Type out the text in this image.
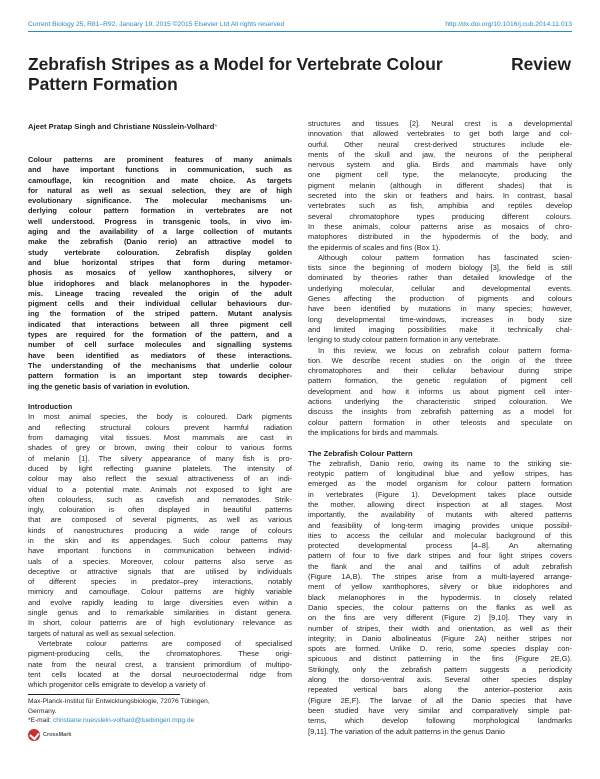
Current Biology 25, R81–R92, January 19, 2015 ©2015 Elsevier Ltd All rights reserved	http://dx.doi.org/10.1016/j.cub.2014.11.013
Zebrafish Stripes as a Model for Vertebrate Colour Pattern Formation
Review
Ajeet Pratap Singh and Christiane Nüsslein-Volhard*
Colour patterns are prominent features of many animals
and have important functions in communication, such as
camouflage, kin recognition and mate choice. As targets
for natural as well as sexual selection, they are of high
evolutionary significance. The molecular mechanisms un-
derlying colour pattern formation in vertebrates are not
well understood. Progress in transgenic tools, in vivo im-
aging and the availability of a large collection of mutants
make the zebrafish (Danio rerio) an attractive model to
study vertebrate colouration. Zebrafish display golden
and blue horizontal stripes that form during metamor-
phosis as mosaics of yellow xanthophores, silvery or
blue iridophores and black melanophores in the hypoder-
mis. Lineage tracing revealed the origin of the adult
pigment cells and their individual cellular behaviours dur-
ing the formation of the striped pattern. Mutant analysis
indicated that interactions between all three pigment cell
types are required for the formation of the pattern, and a
number of cell surface molecules and signalling systems
have been identified as mediators of these interactions.
The understanding of the mechanisms that underlie colour
pattern formation is an important step towards decipher-
ing the genetic basis of variation in evolution.
Introduction
In most animal species, the body is coloured. Dark pigments
and reflecting structural colours prevent harmful radiation
from damaging vital tissues. Most mammals are cast in
shades of grey or brown, owing their colour to various forms
of melanin [1]. The silvery appearance of many fish is pro-
duced by light reflecting guanine platelets. The intensity of
colour may also reflect the sexual attractiveness of an indi-
vidual to a potential mate. Animals not exposed to light are
often colourless, such as cavefish and nematodes. Strik-
ingly, colouration is often displayed in beautiful patterns
that are composed of several pigments, as well as various
kinds of nanostructures producing a wide range of colours
in the skin and its appendages. Such colour patterns may
have important functions in communication between individ-
uals of a species. Moreover, colour patterns also serve as
deceptive or attractive signals that are utilised by individuals
of different species in predator–prey interactions, notably
mimicry and camouflage. Colour patterns are highly variable
and evolve rapidly leading to large diversities even within a
single genus and to remarkable similarities in distant genera.
In short, colour patterns are of high evolutionary relevance as
targets of natural as well as sexual selection.
Vertebrate colour patterns are composed of specialised
pigment-producing cells, the chromatophores. These origi-
nate from the neural crest, a transient primordium of multipo-
tent cells located at the dorsal neuroectodermal ridge from
which progenitor cells emigrate to develop a variety of
Max-Planck-Institut für Entwicklungsbiologie, 72076 Tübingen,
Germany.
*E-mail: christiane.nuesslein-volhard@tuebingen.mpg.de
CrossMark
structures and tissues [2]. Neural crest is a developmental
innovation that allowed vertebrates to get both large and col-
ourful. Other neural crest-derived structures include ele-
ments of the skull and jaw, the neurons of the peripheral
nervous system and glia. Birds and mammals have only
one pigment cell type, the melanocyte, producing the
pigment melanin (although in different shades) that is
secreted into the skin or feathers and hairs. In contrast, basal
vertebrates such as fish, amphibia and reptiles develop
several chromatophore types producing different colours.
In these animals, colour patterns arise as mosaics of chro-
matophores distributed in the hypodermis of the body, and
the epidermis of scales and fins (Box 1).
Although colour pattern formation has fascinated scien-
tists since the beginning of modern biology [3], the field is still
dominated by theories rather than detailed knowledge of the
underlying molecular, cellular and developmental events.
Genes affecting the production of pigments and colours
have been identified by mutations in many species; however,
long developmental time-windows, increases in body size
and limited imaging possibilities make it technically chal-
lenging to study colour pattern formation in any vertebrate.
In this review, we focus on zebrafish colour pattern forma-
tion. We describe recent studies on the origin of the three
chromatophores and their cellular behaviour during stripe
pattern formation, the genetic regulation of pigment cell
development and how it informs us about pigment cell inter-
actions underlying the characteristic striped colouration. We
discuss the insights from zebrafish patterning as a model for
colour pattern formation in other teleosts and speculate on
the implications for birds and mammals.
The Zebrafish Colour Pattern
The zebrafish, Danio rerio, owing its name to the striking ste-
reotypic pattern of longitudinal blue and yellow stripes, has
emerged as the model organism for colour pattern formation
in vertebrates (Figure 1). Development takes place outside
the mother, allowing direct inspection at all stages. Most
importantly, the availability of mutants with altered patterns
and feasibility of long-term imaging provides unique possibil-
ities to access the cellular and molecular background of this
protected developmental process [4–8]. An alternating
pattern of four to five dark stripes and four light stripes covers
the flank and the anal and tailfins of adult zebrafish
(Figure 1A,B). The stripes arise from a multi-layered arrange-
ment of yellow xanthophores, silvery or blue iridophores and
black melanophores in the hypodermis. In closely related
Danio species, the colour patterns on the flanks as well as
on the fins are very different (Figure 2) [9,10]. They vary in
number of stripes, their width and orientation, as well as their
integrity; in Danio albolineatus (Figure 2A) neither stripes nor
spots are formed. Unlike D. rerio, some species display con-
spicuous and distinct patterning in the fins (Figure 2E,G).
Strikingly, only the zebrafish pattern suggests a periodicity
along the dorso-ventral axis. Several other species display
repeated vertical bars along the anterior–posterior axis
(Figure 2E,F). The larvae of all the Danio species that have
been studied have very similar and comparatively simple pat-
terns, which develop following morphological landmarks
[9,11]. The variation of the adult patterns in the genus Danio
